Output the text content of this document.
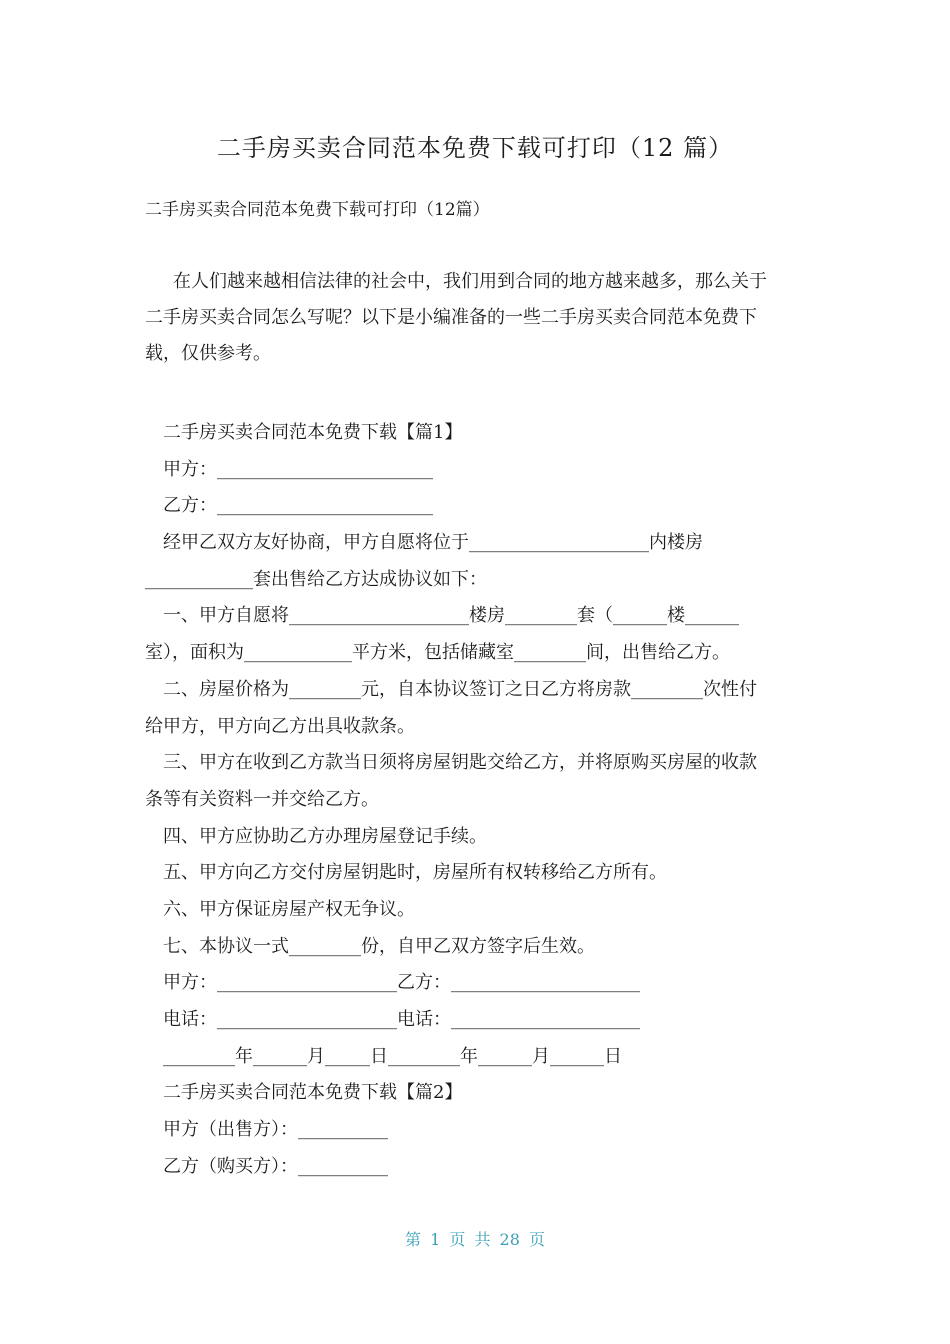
二手房买卖合同范本免费下载可打印（12 篇）
二手房买卖合同范本免费下载可打印（12篇）
在人们越来越相信法律的社会中，我们用到合同的地方越来越多，那么关于
二手房买卖合同怎么写呢？以下是小编准备的一些二手房买卖合同范本免费下
载，仅供参考。
二手房买卖合同范本免费下载【篇1】
甲方：________________________
乙方：________________________
经甲乙双方友好协商，甲方自愿将位于____________________内楼房
____________套出售给乙方达成协议如下：
一、甲方自愿将____________________楼房________套（______楼______
室），面积为____________平方米，包括储藏室________间，出售给乙方。
二、房屋价格为________元，自本协议签订之日乙方将房款________次性付
给甲方，甲方向乙方出具收款条。
三、甲方在收到乙方款当日须将房屋钥匙交给乙方，并将原购买房屋的收款
条等有关资料一并交给乙方。
四、甲方应协助乙方办理房屋登记手续。
五、甲方向乙方交付房屋钥匙时，房屋所有权转移给乙方所有。
六、甲方保证房屋产权无争议。
七、本协议一式________份，自甲乙双方签字后生效。
甲方：____________________乙方：_____________________
电话：____________________电话：_____________________
________年______月_____日________年______月______日
二手房买卖合同范本免费下载【篇2】
甲方（出售方）：__________
乙方（购买方）：__________
第 1 页 共 28 页
